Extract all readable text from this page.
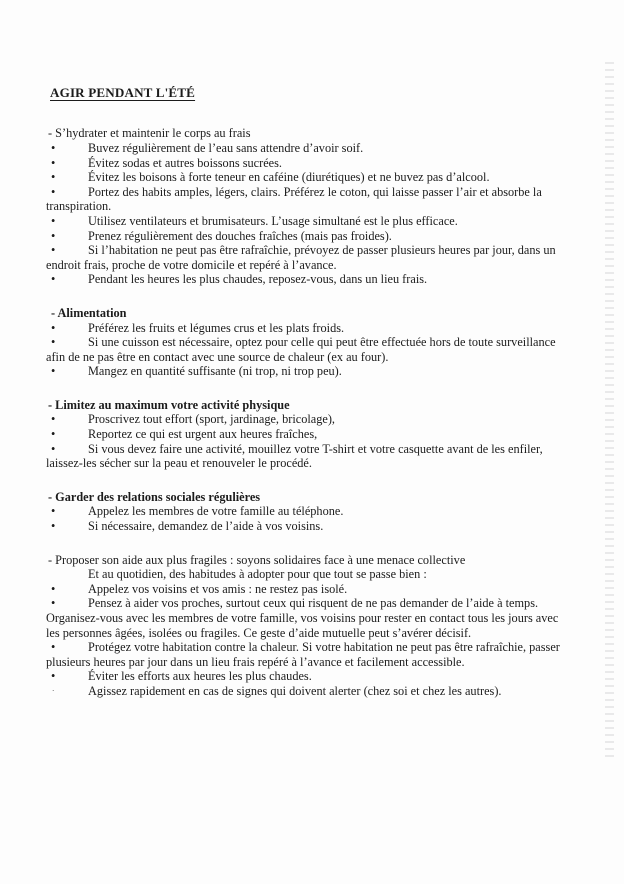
AGIR PENDANT L'ÉTÉ

- S’hydrater et maintenir le corps au frais

•	Buvez régulièrement de l’eau sans attendre d’avoir soif.

•	Évitez sodas et autres boissons sucrées.

•	Évitez les boisons à forte teneur en caféine (diurétiques) et ne buvez pas d’alcool.

•	Portez des habits amples, légers, clairs. Préférez le coton, qui laisse passer l’air et absorbe la transpiration.

•	Utilisez ventilateurs et brumisateurs. L’usage simultané est le plus efficace.

•	Prenez régulièrement des douches fraîches (mais pas froides).

•	Si l’habitation ne peut pas être rafraîchie, prévoyez de passer plusieurs heures par jour, dans un endroit frais, proche de votre domicile et repéré à l’avance.

•	Pendant les heures les plus chaudes, reposez-vous, dans un lieu frais.

- Alimentation

•	Préférez les fruits et légumes crus et les plats froids.

•	Si une cuisson est nécessaire, optez pour celle qui peut être effectuée hors de toute surveillance afin de ne pas être en contact avec une source de chaleur (ex au four).

•	Mangez en quantité suffisante (ni trop, ni trop peu).

- Limitez au maximum votre activité physique

•	Proscrivez tout effort (sport, jardinage, bricolage),

•	Reportez ce qui est urgent aux heures fraîches,

•	Si vous devez faire une activité, mouillez votre T-shirt et votre casquette avant de les enfiler, laissez-les sécher sur la peau et renouveler le procédé.

- Garder des relations sociales régulières

•	Appelez les membres de votre famille au téléphone.

•	Si nécessaire, demandez de l’aide à vos voisins.

- Proposer son aide aux plus fragiles : soyons solidaires face à une menace collective

Et au quotidien, des habitudes à adopter pour que tout se passe bien :

•	Appelez vos voisins et vos amis : ne restez pas isolé.

•	Pensez à aider vos proches, surtout ceux qui risquent de ne pas demander de l’aide à temps. Organisez-vous avec les membres de votre famille, vos voisins pour rester en contact tous les jours avec les personnes âgées, isolées ou fragiles. Ce geste d’aide mutuelle peut s’avérer décisif.

•	Protégez votre habitation contre la chaleur. Si votre habitation ne peut pas être rafraîchie, passer plusieurs heures par jour dans un lieu frais repéré à l’avance et facilement accessible.

•	Éviter les efforts aux heures les plus chaudes.

·	Agissez rapidement en cas de signes qui doivent alerter (chez soi et chez les autres).
